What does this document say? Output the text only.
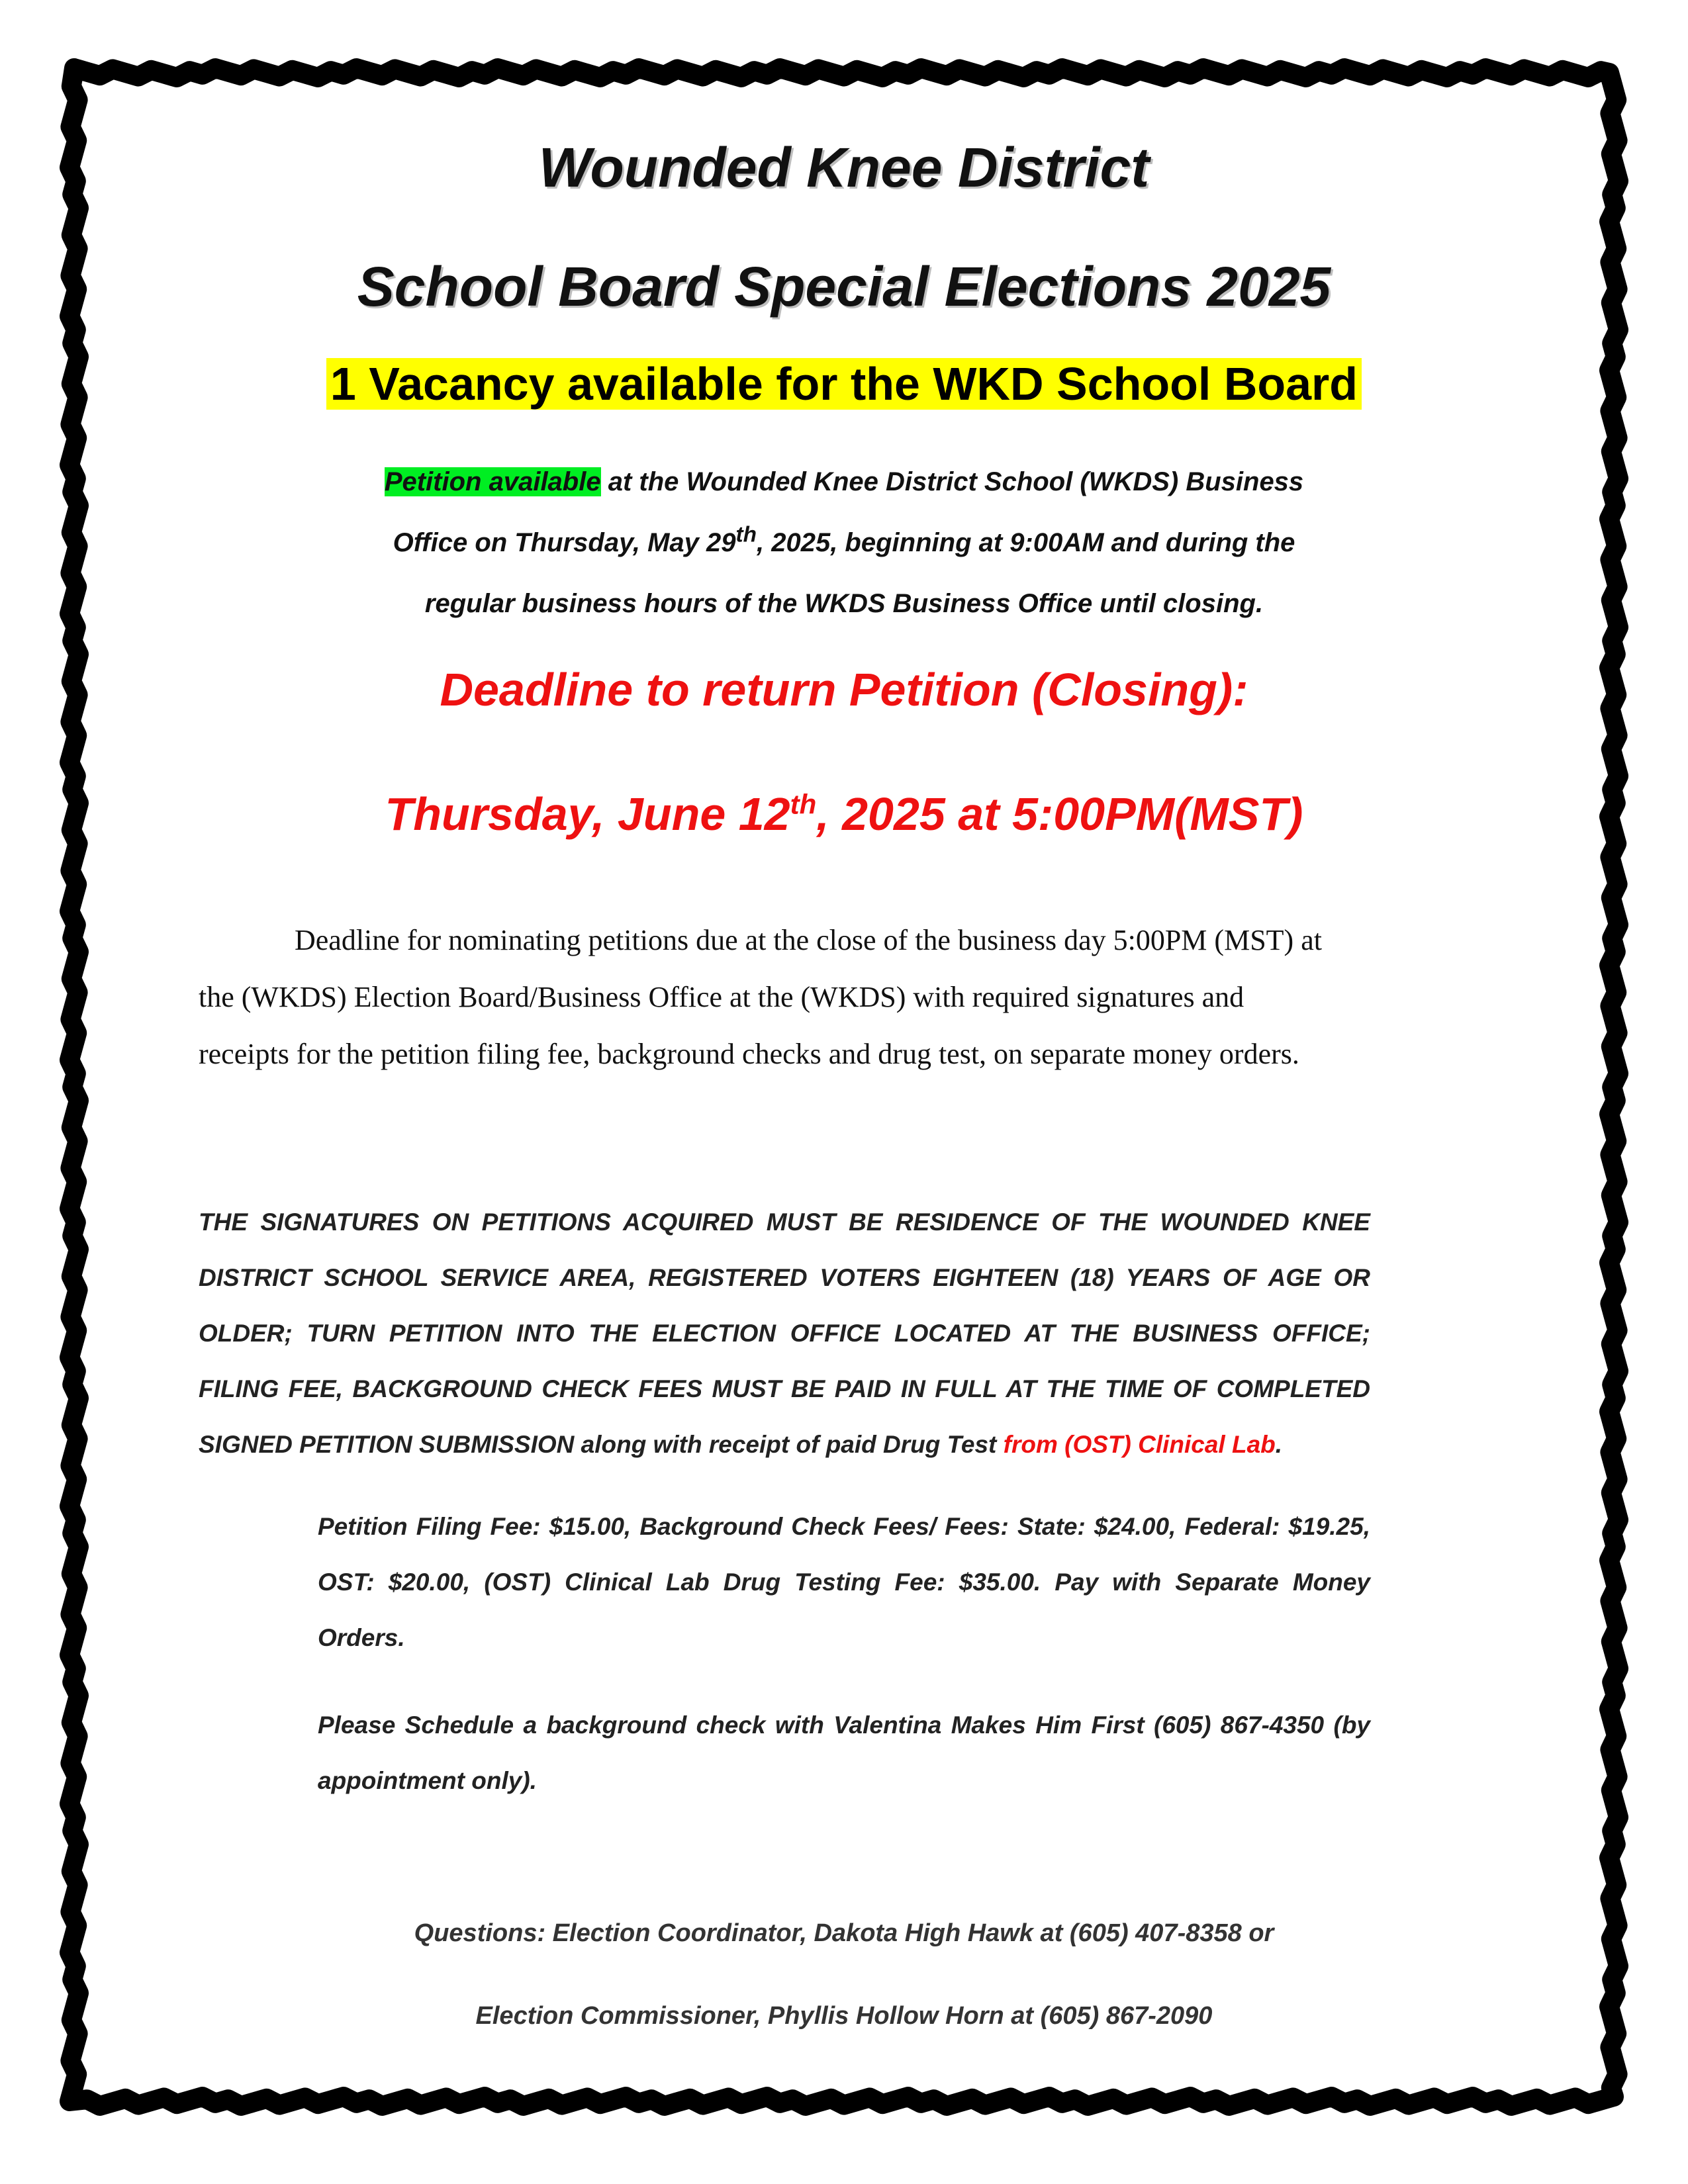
Wounded Knee District
School Board Special Elections 2025
1 Vacancy available for the WKD School Board
Petition available at the Wounded Knee District School (WKDS) Business
Office on Thursday, May 29th, 2025, beginning at 9:00AM and during the
regular business hours of the WKDS Business Office until closing.
Deadline to return Petition (Closing):
Thursday, June 12th, 2025 at 5:00PM(MST)
Deadline for nominating petitions due at the close of the business day 5:00PM (MST) at
the (WKDS) Election Board/Business Office at the (WKDS) with required signatures and
receipts for the petition filing fee, background checks and drug test, on separate money orders.
THE SIGNATURES ON PETITIONS ACQUIRED MUST BE RESIDENCE OF THE WOUNDED KNEE DISTRICT SCHOOL SERVICE AREA, REGISTERED VOTERS EIGHTEEN (18) YEARS OF AGE OR OLDER; TURN PETITION INTO THE ELECTION OFFICE LOCATED AT THE BUSINESS OFFICE; FILING FEE, BACKGROUND CHECK FEES MUST BE PAID IN FULL AT THE TIME OF COMPLETED SIGNED PETITION SUBMISSION along with receipt of paid Drug Test from (OST) Clinical Lab.
Petition Filing Fee: $15.00, Background Check Fees/ Fees: State: $24.00, Federal: $19.25, OST: $20.00, (OST) Clinical Lab Drug Testing Fee: $35.00. Pay with Separate Money Orders.
Please Schedule a background check with Valentina Makes Him First (605) 867-4350 (by appointment only).
Questions: Election Coordinator, Dakota High Hawk at (605) 407-8358 or
Election Commissioner, Phyllis Hollow Horn at (605) 867-2090
